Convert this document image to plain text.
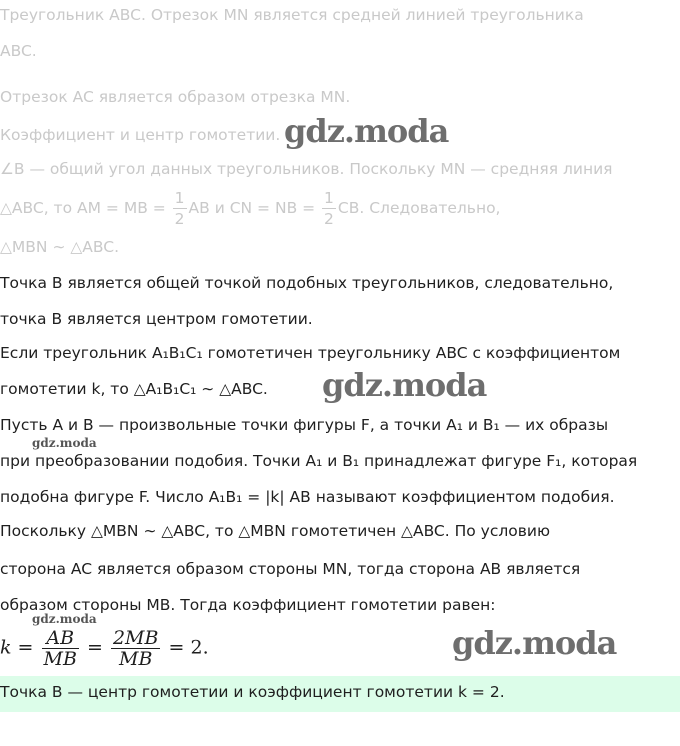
Треугольник ABC. Отрезок MN является средней линией треугольника
ABC.
Отрезок AC является образом отрезка MN.
Коэффициент и центр гомотетии.
∠B — общий угол данных треугольников. Поскольку MN — средняя линия
△ABC, то AM = MB = $\frac{1}{2}$ AB и CN = NB = $\frac{1}{2}$ CB. Следовательно,
△MBN ∼ △ABC.
Точка B является общей точкой подобных треугольников, следовательно,
точка B является центром гомотетии.
Если треугольник A₁B₁C₁ гомотетичен треугольнику ABC с коэффициентом
гомотетии k, то △A₁B₁C₁ ∼ △ABC.
Пусть A и B — произвольные точки фигуры F, а точки A₁ и B₁ — их образы
при преобразовании подобия. Точки A₁ и B₁ принадлежат фигуре F₁, которая
подобна фигуре F. Число A₁B₁ = |k| AB называют коэффициентом подобия.
Поскольку △MBN ∼ △ABC, то △MBN гомотетичен △ABC. По условию
сторона AC является образом стороны MN, тогда сторона AB является
образом стороны MB. Тогда коэффициент гомотетии равен:
$k = \frac{AB}{MB} = \frac{2MB}{MB} = 2$.
Точка B — центр гомотетии и коэффициент гомотетии k = 2.
gdz.moda
gdz.moda
gdz.moda
gdz.moda
gdz.moda
